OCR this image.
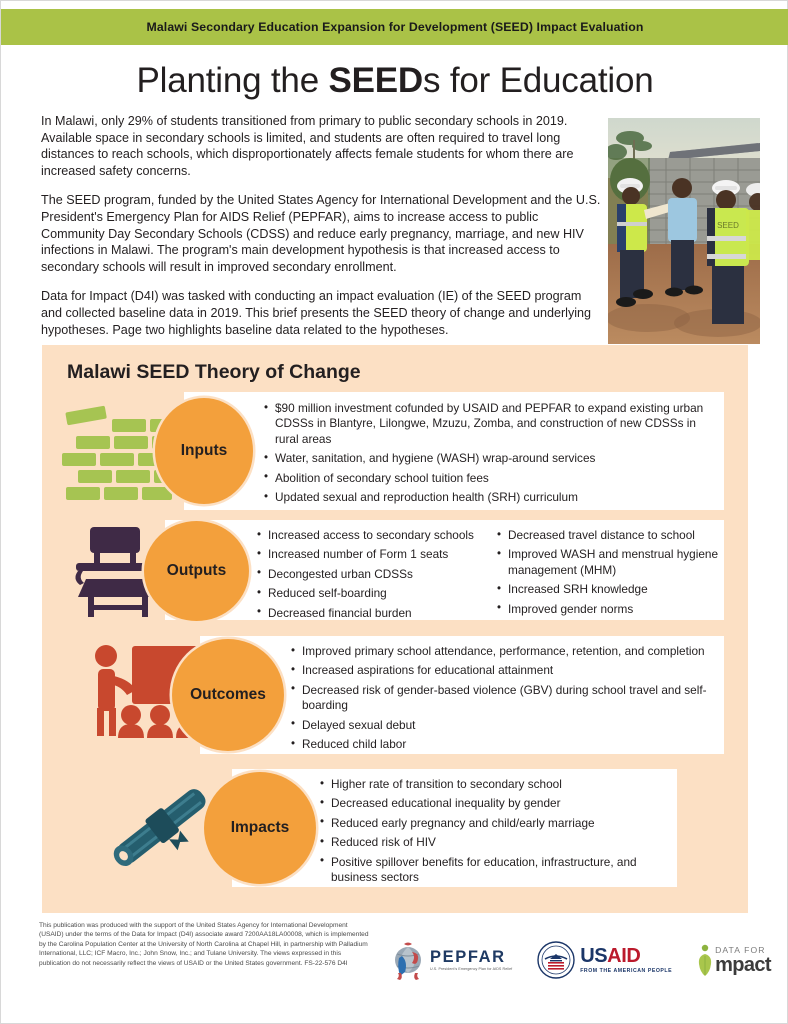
Malawi Secondary Education Expansion for Development (SEED) Impact Evaluation
Planting the SEEDs for Education

In Malawi, only 29% of students transitioned from primary to public secondary schools in 2019. Available space in secondary schools is limited, and students are often required to travel long distances to reach schools, which disproportionately affects female students for whom there are increased safety concerns.

The SEED program, funded by the United States Agency for International Development and the U.S. President's Emergency Plan for AIDS Relief (PEPFAR), aims to increase access to public Community Day Secondary Schools (CDSS) and reduce early pregnancy, marriage, and new HIV infections in Malawi. The program's main development hypothesis is that increased access to secondary schools will result in improved secondary enrollment.

Data for Impact (D4I) was tasked with conducting an impact evaluation (IE) of the SEED program and collected baseline data in 2019. This brief presents the SEED theory of change and underlying hypotheses. Page two highlights baseline data related to the hypotheses.

SEED
Malawi SEED Theory of Change
Inputs
• $90 million investment cofunded by USAID and PEPFAR to expand existing urban CDSSs in Blantyre, Lilongwe, Mzuzu, Zomba, and construction of new CDSSs in rural areas
• Water, sanitation, and hygiene (WASH) wrap-around services
• Abolition of secondary school tuition fees
• Updated sexual and reproduction health (SRH) curriculum
Outputs
• Increased access to secondary schools
• Increased number of Form 1 seats
• Decongested urban CDSSs
• Reduced self-boarding
• Decreased financial burden
• Decreased travel distance to school
• Improved WASH and menstrual hygiene management (MHM)
• Increased SRH knowledge
• Improved gender norms
Outcomes
• Improved primary school attendance, performance, retention, and completion
• Increased aspirations for educational attainment
• Decreased risk of gender-based violence (GBV) during school travel and self-boarding
• Delayed sexual debut
• Reduced child labor
Impacts
• Higher rate of transition to secondary school
• Decreased educational inequality by gender
• Reduced early pregnancy and child/early marriage
• Reduced risk of HIV
• Positive spillover benefits for education, infrastructure, and business sectors
This publication was produced with the support of the United States Agency for International Development (USAID) under the terms of the Data for Impact (D4I) associate award 7200AA18LA00008, which is implemented by the Carolina Population Center at the University of North Carolina at Chapel Hill, in partnership with Palladium International, LLC; ICF Macro, Inc.; John Snow, Inc.; and Tulane University. The views expressed in this publication do not necessarily reflect the views of USAID or the United States government. FS-22-576 D4I	PEPFAR
U.S. President's Emergency Plan for AIDS Relief
USAID
FROM THE AMERICAN PEOPLE
DATA FOR
mpact
